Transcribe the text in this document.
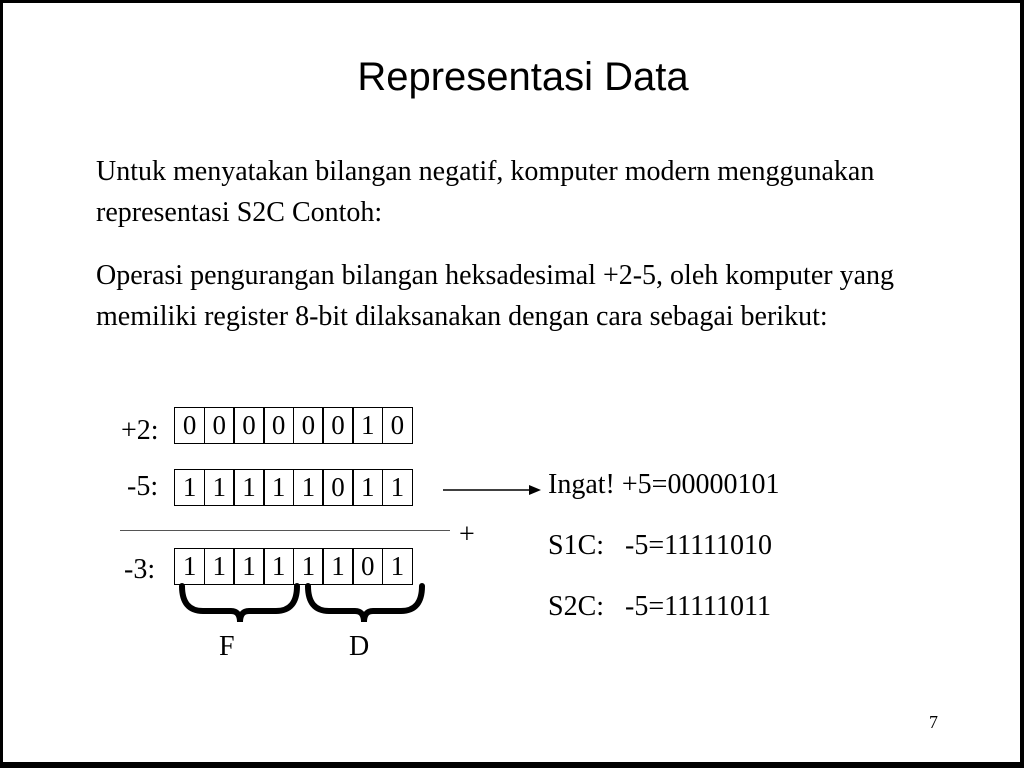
Representasi Data

Untuk menyatakan bilangan negatif, komputer modern menggunakan representasi S2C Contoh:

Operasi pengurangan bilangan heksadesimal +2-5, oleh komputer yang memiliki register 8-bit dilaksanakan dengan cara sebagai berikut:

+2: 0 0 0 0 0 0 1 0
-5: 1 1 1 1 1 0 1 1
+
-3:	1 1 1 1 1 1 0 1
F	D
Ingat! +5=00000101
S1C:   -5=11111010
S2C:   -5=11111011
7
